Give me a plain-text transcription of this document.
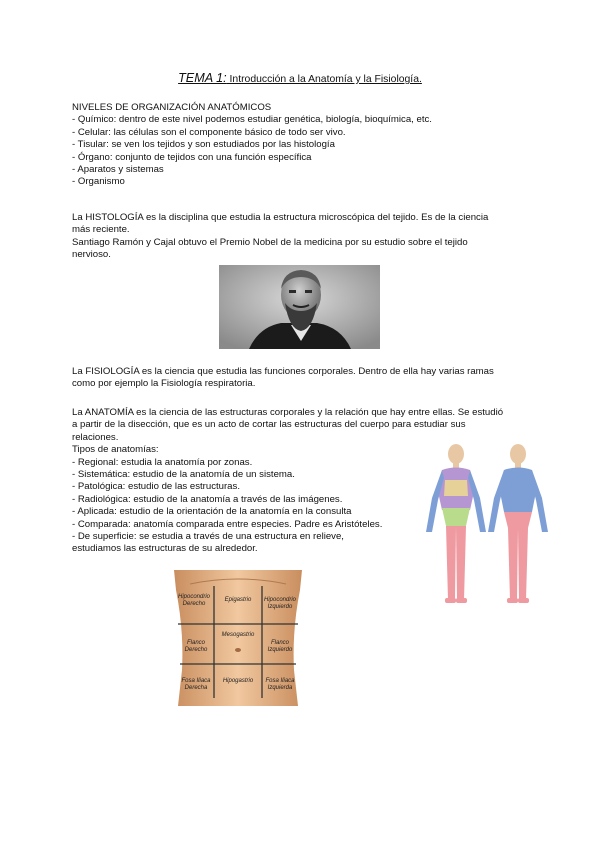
TEMA 1: Introducción a la Anatomía y la Fisiología.

NIVELES DE ORGANIZACIÓN ANATÓMICOS

- Químico: dentro de este nivel podemos estudiar genética, biología, bioquímica, etc.

- Celular: las células son el componente básico de todo ser vivo.

- Tisular: se ven los tejidos y son estudiados por las histología

- Órgano: conjunto de tejidos con una función específica

- Aparatos y sistemas

- Organismo

La HISTOLOGÍA es la disciplina que estudia la estructura microscópica del tejido. Es de la ciencia

más reciente.

Santiago Ramón y Cajal obtuvo el Premio Nobel de la medicina por su estudio sobre el tejido

nervioso.

La FISIOLOGÍA es la ciencia que estudia las funciones corporales. Dentro de ella hay varias ramas

como por ejemplo la Fisiología respiratoria.

La ANATOMÍA es la ciencia de las estructuras corporales y la relación que hay entre ellas. Se estudió

a partir de la disección, que es un acto de cortar las estructuras del cuerpo para estudiar sus

relaciones.

Tipos de anatomías:

- Regional: estudia la anatomía por zonas.

- Sistemática: estudio de la anatomía de un sistema.

- Patológica: estudio de las estructuras.

- Radiológica: estudio de la anatomía a través de las imágenes.

- Aplicada: estudio de la orientación de la anatomía en la consulta

- Comparada: anatomía comparada entre especies. Padre es Aristóteles.

- De superficie: se estudia a través de una estructura en relieve,

estudiamos las estructuras de su alrededor.

Hipocondrio Derecho
Epigastrio Hipocondrio Izquierdo
Flanco Derecho
Mesogastrio
Flanco Izquierdo
Fosa Iliaca Derecha
Hipogastrio Fosa Iliaca Izquierda
